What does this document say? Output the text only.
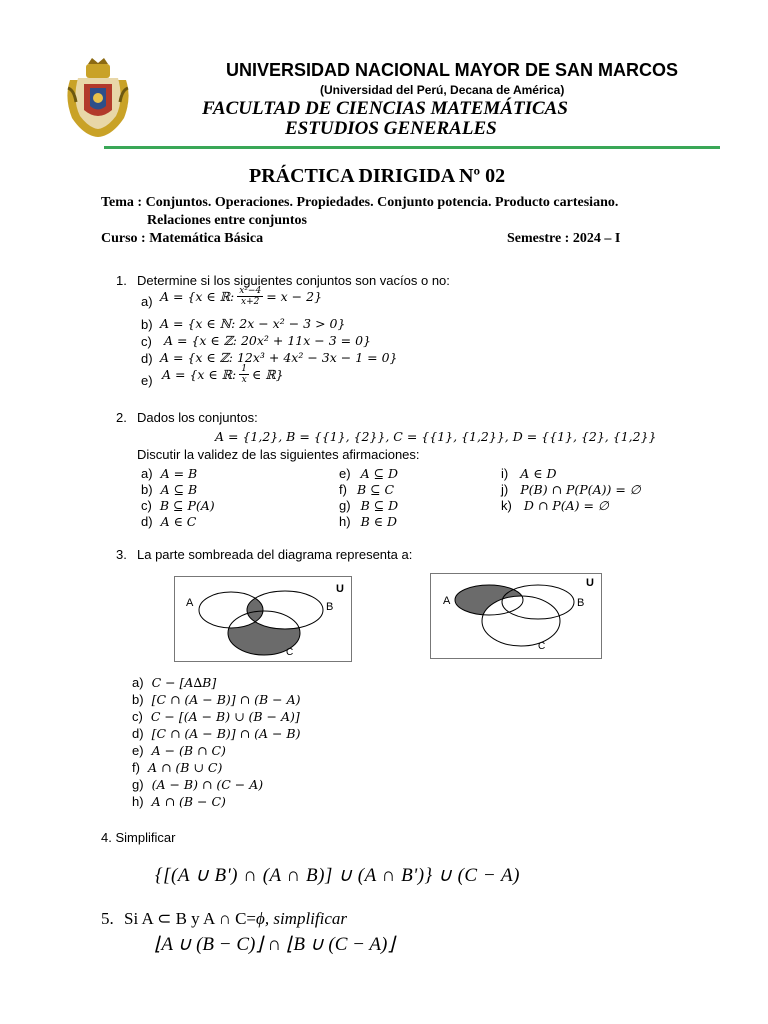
UNIVERSIDAD NACIONAL MAYOR DE SAN MARCOS
(Universidad del Perú, Decana de América)
FACULTAD DE CIENCIAS MATEMÁTICAS
ESTUDIOS GENERALES
PRÁCTICA DIRIGIDA Nº 02
Tema : Conjuntos. Operaciones. Propiedades. Conjunto potencia. Producto cartesiano.
Relaciones entre conjuntos
Curso : Matemática Básica	Semestre : 2024 – I
1. Determine si los siguientes conjuntos son vacíos o no:
a) A = {x ∈ ℝ: $\frac{\text{x²−4}}{x+2} = x - 2$}
b) A = {x ∈ ℕ: 2x − x² − 3 > 0}
c) A = {x ∈ ℤ: 20x² + 11x − 3 = 0}
d) A = {x ∈ ℤ: 12x³ + 4x² − 3x − 1 = 0}
e) A = {x ∈ ℝ: $\frac{1}{x}$ ∈ ℝ}
2. Dados los conjuntos:
A = {1,2}, B = {{1}, {2}}, C = {{1}, {1,2}}, D = {{1}, {2}, {1,2}}
Discutir la validez de las siguientes afirmaciones:
a) A = B
b) A ⊆ B
c) B ⊆ P(A)
d) A ∈ C
e) A ⊆ D
f) B ⊆ C
g) B ⊆ D
h) B ∈ D
i) A ∈ D
j) P(B) ∩ P(P(A)) = ∅
k) D ∩ P(A) = ∅
3. La parte sombreada del diagrama representa a:
U
A	B
C
U
A	B
C
a) C − [A∆B]
b) [C ∩ (A − B)] ∩ (B − A)
c) C − [(A − B) ∪ (B − A)]
d) [C ∩ (A − B)] ∩ (A − B)
e) A − (B ∩ C)
f) A ∩ (B ∪ C)
g) (A − B) ∩ (C − A)
h) A ∩ (B − C)
4. Simplificar
{[(A ∪ B') ∩ (A ∩ B)] ∪ (A ∩ B')} ∪ (C − A)
5. Si A ⊂ B y A ∩ C=ϕ, simplificar
⌊A ∪ (B − C)⌋ ∩ ⌊B ∪ (C − A)⌋
